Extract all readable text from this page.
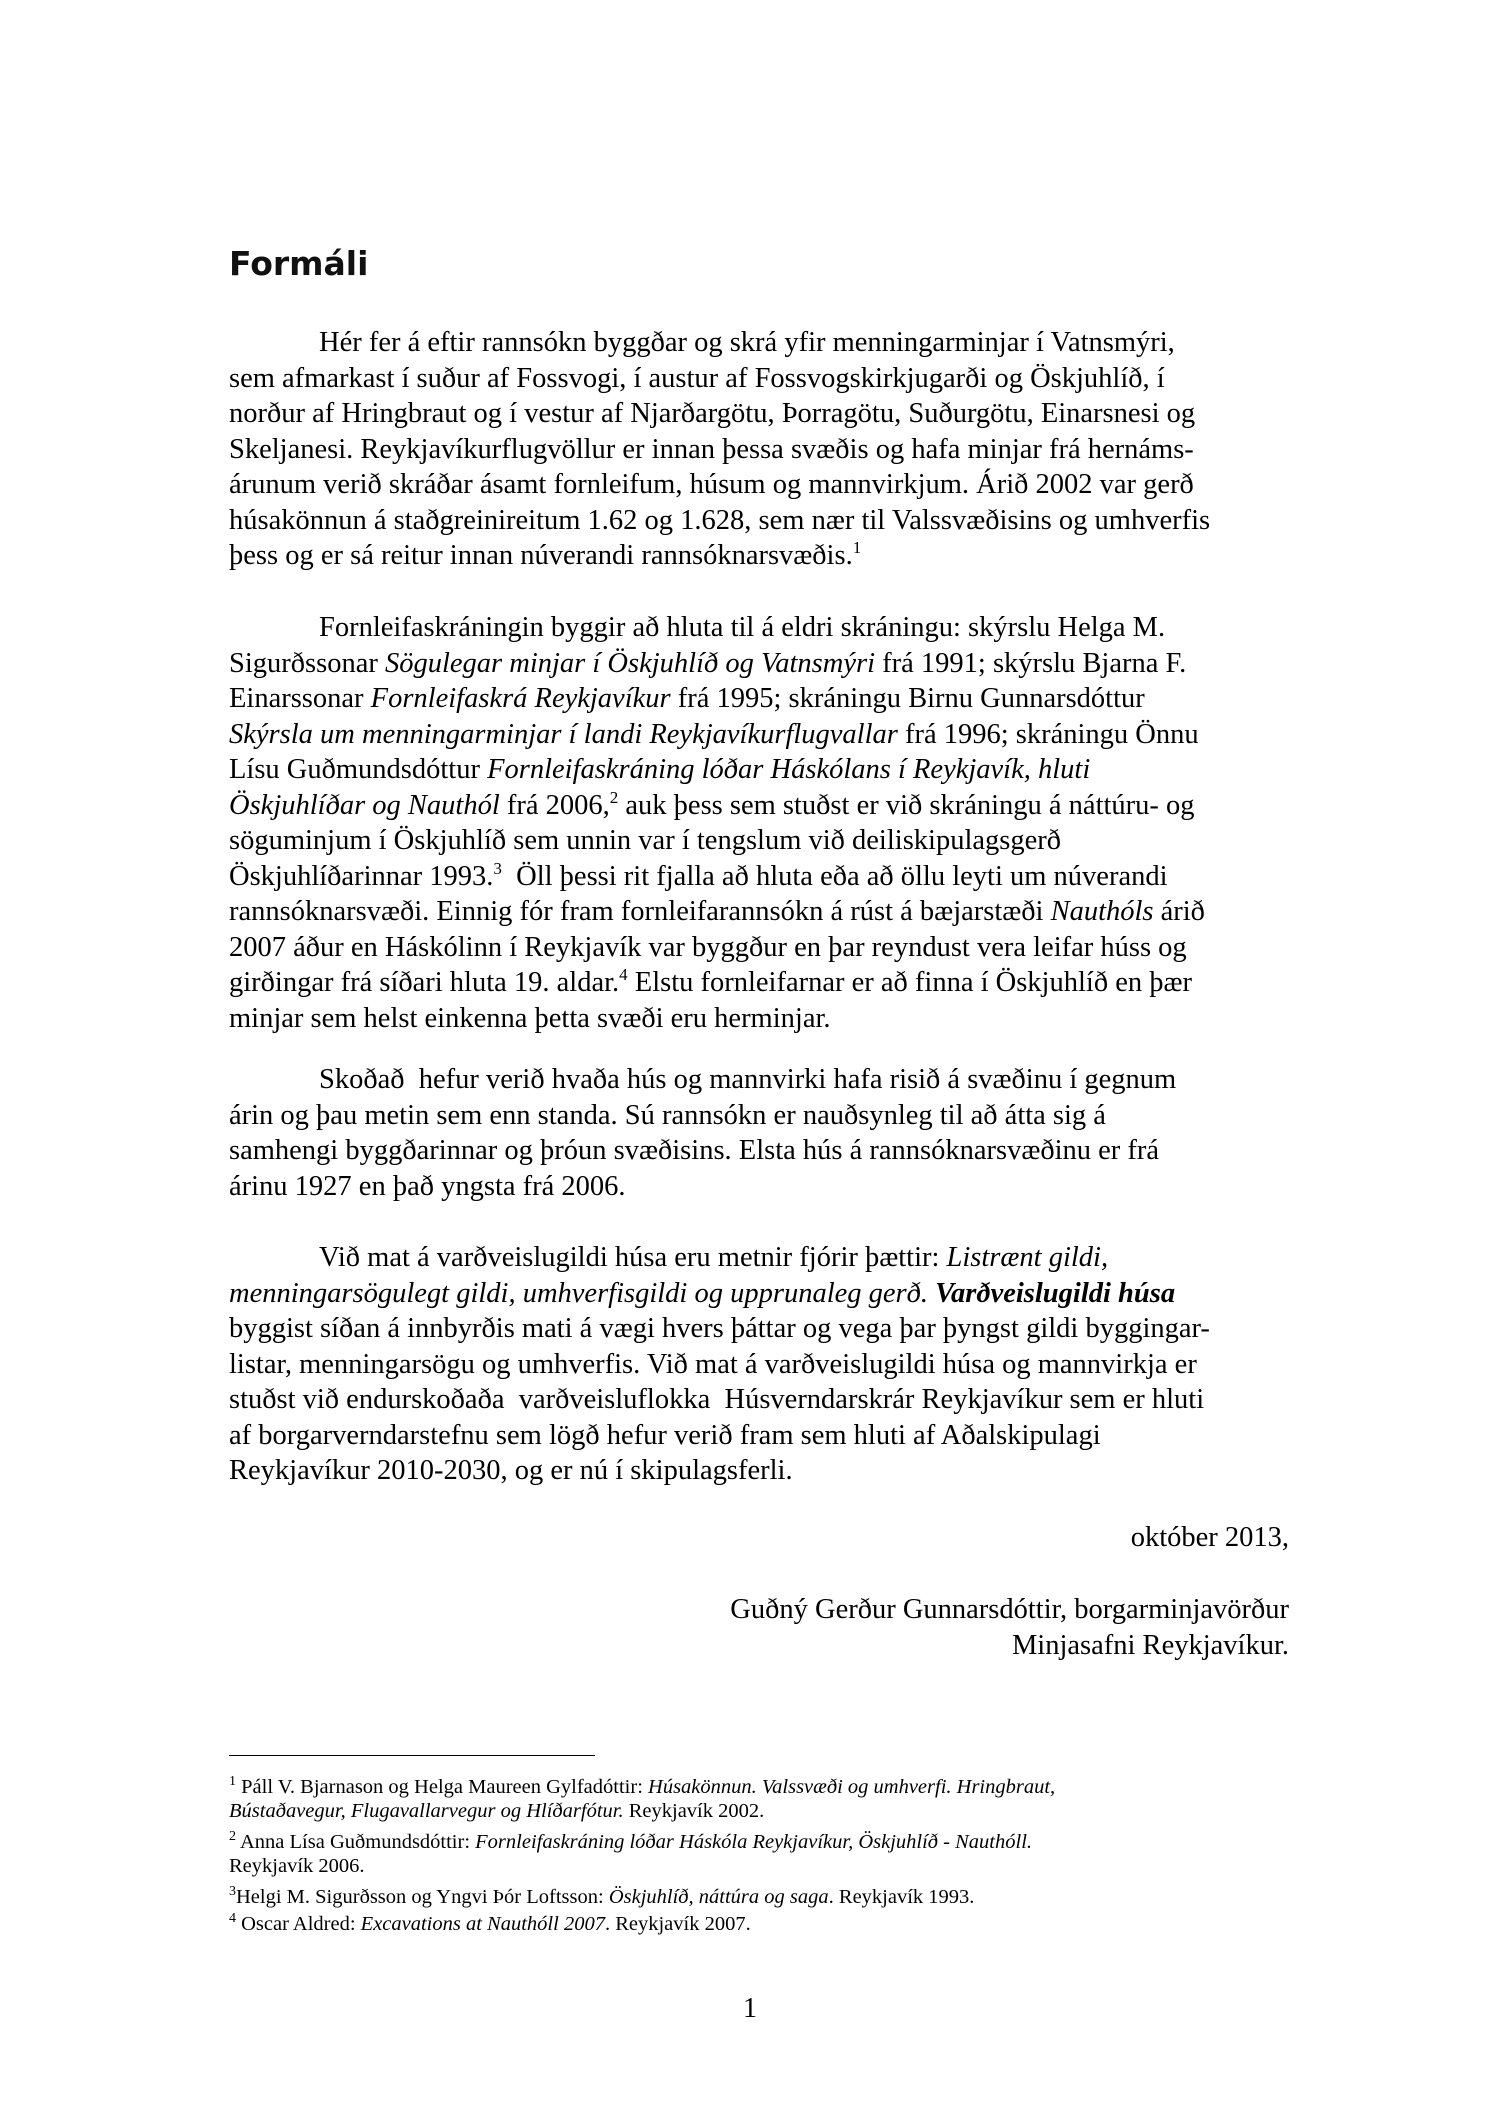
Formáli
Hér fer á eftir rannsókn byggðar og skrá yfir menningarminjar í Vatnsmýri,
sem afmarkast í suður af Fossvogi, í austur af Fossvogskirkjugarði og Öskjuhlíð, í
norður af Hringbraut og í vestur af Njarðargötu, Þorragötu, Suðurgötu, Einarsnesi og
Skeljanesi. Reykjavíkurflugvöllur er innan þessa svæðis og hafa minjar frá hernáms-
árunum verið skráðar ásamt fornleifum, húsum og mannvirkjum. Árið 2002 var gerð
húsakönnun á staðgreinireitum 1.62 og 1.628, sem nær til Valssvæðisins og umhverfis
þess og er sá reitur innan núverandi rannsóknarsvæðis.$^1$
Fornleifaskráningin byggir að hluta til á eldri skráningu: skýrslu Helga M.
Sigurðssonar Sögulegar minjar í Öskjuhlíð og Vatnsmýri frá 1991; skýrslu Bjarna F.
Einarssonar Fornleifaskrá Reykjavíkur frá 1995; skráningu Birnu Gunnarsdóttur
Skýrsla um menningarminjar í landi Reykjavíkurflugvallar frá 1996; skráningu Önnu
Lísu Guðmundsdóttur Fornleifaskráning lóðar Háskólans í Reykjavík, hluti
Öskjuhlíðar og Nauthól frá 2006,$^2$ auk þess sem stuðst er við skráningu á náttúru- og
söguminjum í Öskjuhlíð sem unnin var í tengslum við deiliskipulagsgerð
Öskjuhlíðarinnar 1993.$^3$  Öll þessi rit fjalla að hluta eða að öllu leyti um núverandi
rannsóknarsvæði. Einnig fór fram fornleifarannsókn á rúst á bæjarstæði Nauthóls árið
2007 áður en Háskólinn í Reykjavík var byggður en þar reyndust vera leifar húss og
girðingar frá síðari hluta 19. aldar.$^4$ Elstu fornleifarnar er að finna í Öskjuhlíð en þær
minjar sem helst einkenna þetta svæði eru herminjar.
Skoðað  hefur verið hvaða hús og mannvirki hafa risið á svæðinu í gegnum
árin og þau metin sem enn standa. Sú rannsókn er nauðsynleg til að átta sig á
samhengi byggðarinnar og þróun svæðisins. Elsta hús á rannsóknarsvæðinu er frá
árinu 1927 en það yngsta frá 2006.
Við mat á varðveislugildi húsa eru metnir fjórir þættir: Listrænt gildi,
menningarsögulegt gildi, umhverfisgildi og upprunaleg gerð. Varðveislugildi húsa
byggist síðan á innbyrðis mati á vægi hvers þáttar og vega þar þyngst gildi byggingar-
listar, menningarsögu og umhverfis. Við mat á varðveislugildi húsa og mannvirkja er
stuðst við endurskoðaða  varðveisluflokka  Húsverndarskrár Reykjavíkur sem er hluti
af borgarverndarstefnu sem lögð hefur verið fram sem hluti af Aðalskipulagi
Reykjavíkur 2010-2030, og er nú í skipulagsferli.

október 2013,

Guðný Gerður Gunnarsdóttir, borgarminjavörður

Minjasafni Reykjavíkur.

$^1$ Páll V. Bjarnason og Helga Maureen Gylfadóttir: Húsakönnun. Valssvæði og umhverfi. Hringbraut,
Bústaðavegur, Flugavallarvegur og Hlíðarfótur. Reykjavík 2002.
$^2$ Anna Lísa Guðmundsdóttir: Fornleifaskráning lóðar Háskóla Reykjavíkur, Öskjuhlíð - Nauthóll.
Reykjavík 2006.
$^3$Helgi M. Sigurðsson og Yngvi Þór Loftsson: Öskjuhlíð, náttúra og saga. Reykjavík 1993.
$^4$ Oscar Aldred: Excavations at Nauthóll 2007. Reykjavík 2007.
1
